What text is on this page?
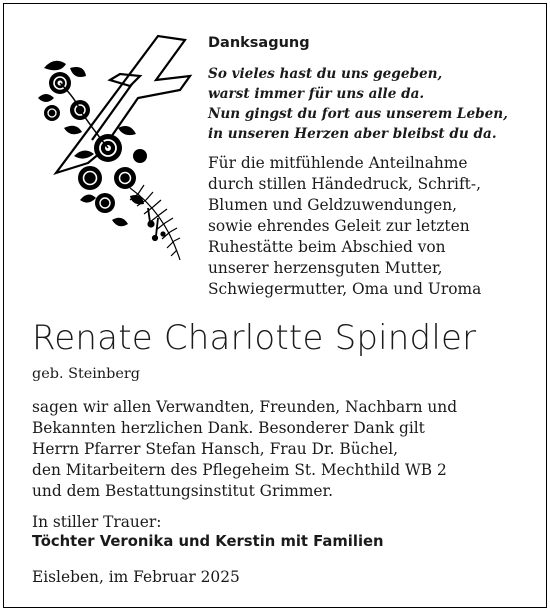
Danksagung
So vieles hast du uns gegeben,
warst immer für uns alle da.
Nun gingst du fort aus unserem Leben,
in unseren Herzen aber bleibst du da.
Für die mitfühlende Anteilnahme
durch stillen Händedruck, Schrift-,
Blumen und Geldzuwendungen,
sowie ehrendes Geleit zur letzten
Ruhestätte beim Abschied von
unserer herzensguten Mutter,
Schwiegermutter, Oma und Uroma
Renate Charlotte Spindler
geb. Steinberg
sagen wir allen Verwandten, Freunden, Nachbarn und
Bekannten herzlichen Dank. Besonderer Dank gilt
Herrn Pfarrer Stefan Hansch, Frau Dr. Büchel,
den Mitarbeitern des Pflegeheim St. Mechthild WB 2
und dem Bestattungsinstitut Grimmer.
In stiller Trauer:
Töchter Veronika und Kerstin mit Familien
Eisleben, im Februar 2025
